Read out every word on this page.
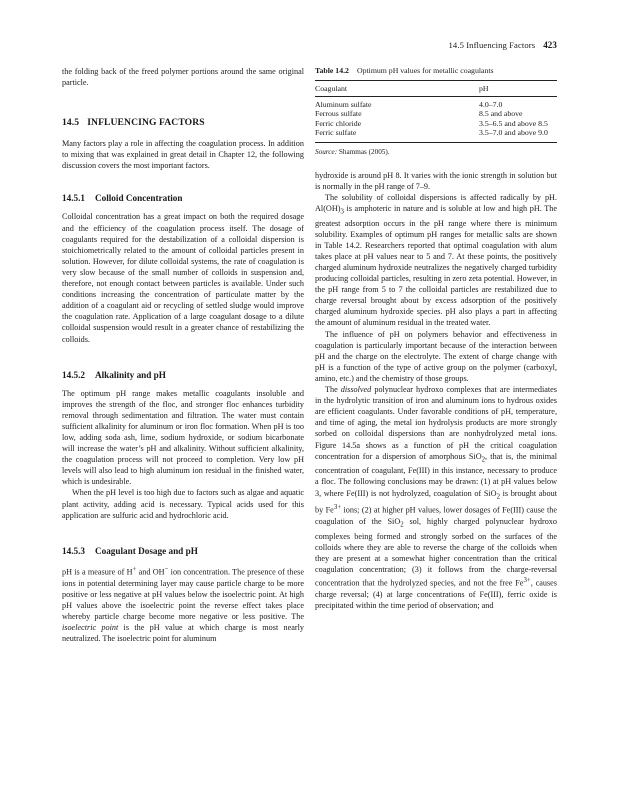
14.5 Influencing Factors 423

the folding back of the freed polymer portions around the same original particle.

14.5 INFLUENCING FACTORS

Many factors play a role in affecting the coagulation process. In addition to mixing that was explained in great detail in Chapter 12, the following discussion covers the most important factors.

14.5.1 Colloid Concentration

Colloidal concentration has a great impact on both the required dosage and the efficiency of the coagulation process itself. The dosage of coagulants required for the destabilization of a colloidal dispersion is stoichiometrically related to the amount of colloidal particles present in solution. However, for dilute colloidal systems, the rate of coagulation is very slow because of the small number of colloids in suspension and, therefore, not enough contact between particles is available. Under such conditions increasing the concentration of particulate matter by the addition of a coagulant aid or recycling of settled sludge would improve the coagulation rate. Application of a large coagulant dosage to a dilute colloidal suspension would result in a greater chance of restabilizing the colloids.

14.5.2 Alkalinity and pH

The optimum pH range makes metallic coagulants insoluble and improves the strength of the floc, and stronger floc enhances turbidity removal through sedimentation and filtration. The water must contain sufficient alkalinity for aluminum or iron floc formation. When pH is too low, adding soda ash, lime, sodium hydroxide, or sodium bicarbonate will increase the water’s pH and alkalinity. Without sufficient alkalinity, the coagulation process will not proceed to completion. Very low pH levels will also lead to high aluminum ion residual in the finished water, which is undesirable.

When the pH level is too high due to factors such as algae and aquatic plant activity, adding acid is necessary. Typical acids used for this application are sulfuric acid and hydrochloric acid.

14.5.3 Coagulant Dosage and pH

pH is a measure of H+ and OH− ion concentration. The presence of these ions in potential determining layer may cause particle charge to be more positive or less negative at pH values below the isoelectric point. At high pH values above the isoelectric point the reverse effect takes place whereby particle charge become more negative or less positive. The isoelectric point is the pH value at which charge is most nearly neutralized. The isoelectric point for aluminum

Table 14.2 Optimum pH values for metallic coagulants
Coagulant	pH
Aluminum sulfate	4.0–7.0
Ferrous sulfate	8.5 and above
Ferric chloride	3.5–6.5 and above 8.5
Ferric sulfate	3.5–7.0 and above 9.0
Source: Shammas (2005).

hydroxide is around pH 8. It varies with the ionic strength in solution but is normally in the pH range of 7–9.

The solubility of colloidal dispersions is affected radically by pH. $Al(OH)_3$ is amphoteric in nature and is soluble at low and high pH. The greatest adsorption occurs in the pH range where there is minimum solubility. Examples of optimum pH ranges for metallic salts are shown in Table 14.2. Researchers reported that optimal coagulation with alum takes place at pH values near to 5 and 7. At these points, the positively charged aluminum hydroxide neutralizes the negatively charged turbidity producing colloidal particles, resulting in zero zeta potential. However, in the pH range from 5 to 7 the colloidal particles are restabilized due to charge reversal brought about by excess adsorption of the positively charged aluminum hydroxide species. pH also plays a part in affecting the amount of aluminum residual in the treated water.

The influence of pH on polymers behavior and effectiveness in coagulation is particularly important because of the interaction between pH and the charge on the electrolyte. The extent of charge change with pH is a function of the type of active group on the polymer (carboxyl, amino, etc.) and the chemistry of those groups.

The dissolved polynuclear hydroxo complexes that are intermediates in the hydrolytic transition of iron and aluminum ions to hydrous oxides are efficient coagulants. Under favorable conditions of pH, temperature, and time of aging, the metal ion hydrolysis products are more strongly sorbed on colloidal dispersions than are nonhydrolyzed metal ions. Figure 14.5a shows as a function of pH the critical coagulation concentration for a dispersion of amorphous SiO$_2$, that is, the minimal concentration of coagulant, Fe(III) in this instance, necessary to produce a floc. The following conclusions may be drawn: (1) at pH values below 3, where Fe(III) is not hydrolyzed, coagulation of SiO$_2$ is brought about by $Fe^{3+}$ ions; (2) at higher pH values, lower dosages of Fe(III) cause the coagulation of the SiO$_2$ sol, highly charged polynuclear hydroxo complexes being formed and strongly sorbed on the surfaces of the colloids where they are able to reverse the charge of the colloids when they are present at a somewhat higher concentration than the critical coagulation concentration; (3) it follows from the charge-reversal concentration that the hydrolyzed species, and not the free $Fe^{3+}$, causes charge reversal; (4) at large concentrations of Fe(III), ferric oxide is precipitated within the time period of observation; and
